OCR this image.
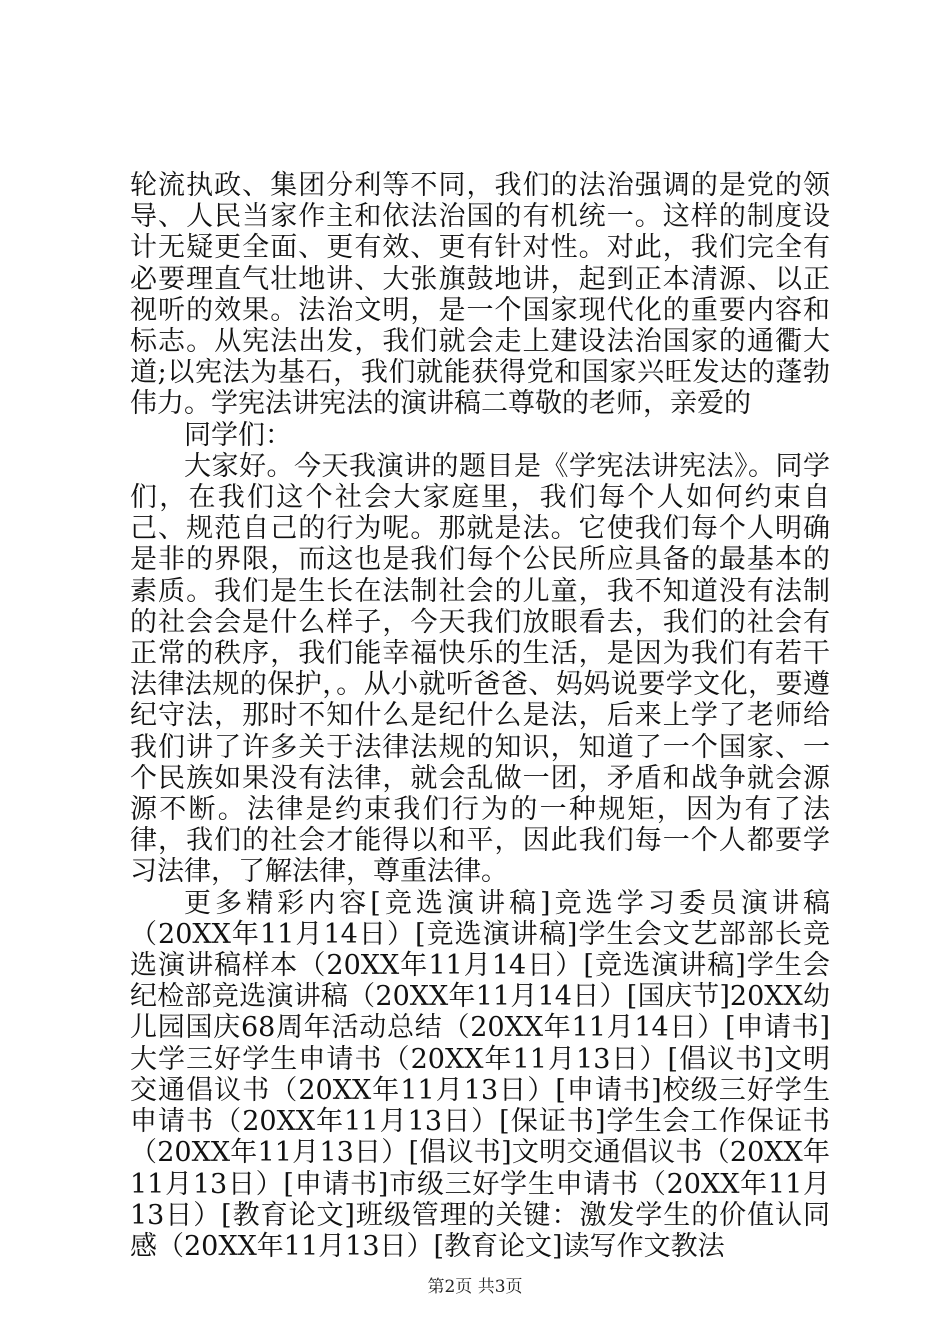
轮流执政、集团分利等不同，我们的法治强调的是党的领导、人民当家作主和依法治国的有机统一。这样的制度设计无疑更全面、更有效、更有针对性。对此，我们完全有必要理直气壮地讲、大张旗鼓地讲，起到正本清源、以正视听的效果。法治文明，是一个国家现代化的重要内容和标志。从宪法出发，我们就会走上建设法治国家的通衢大道;以宪法为基石，我们就能获得党和国家兴旺发达的蓬勃伟力。学宪法讲宪法的演讲稿二尊敬的老师，亲爱的

同学们：

大家好。今天我演讲的题目是《学宪法讲宪法》。同学们，在我们这个社会大家庭里，我们每个人如何约束自己、规范自己的行为呢。那就是法。它使我们每个人明确是非的界限，而这也是我们每个公民所应具备的最基本的素质。我们是生长在法制社会的儿童，我不知道没有法制的社会会是什么样子，今天我们放眼看去，我们的社会有正常的秩序，我们能幸福快乐的生活，是因为我们有若干法律法规的保护，。从小就听爸爸、妈妈说要学文化，要遵纪守法，那时不知什么是纪什么是法，后来上学了老师给我们讲了许多关于法律法规的知识，知道了一个国家、一个民族如果没有法律，就会乱做一团，矛盾和战争就会源源不断。法律是约束我们行为的一种规矩，因为有了法律，我们的社会才能得以和平，因此我们每一个人都要学习法律，了解法律，尊重法律。

更多精彩内容[竞选演讲稿]竞选学习委员演讲稿（20XX年11月14日）[竞选演讲稿]学生会文艺部部长竞选演讲稿样本（20XX年11月14日）[竞选演讲稿]学生会纪检部竞选演讲稿（20XX年11月14日）[国庆节]20XX幼儿园国庆68周年活动总结（20XX年11月14日）[申请书]大学三好学生申请书（20XX年11月13日）[倡议书]文明交通倡议书（20XX年11月13日）[申请书]校级三好学生申请书（20XX年11月13日）[保证书]学生会工作保证书（20XX年11月13日）[倡议书]文明交通倡议书（20XX年11月13日）[申请书]市级三好学生申请书（20XX年11月13日）[教育论文]班级管理的关键：激发学生的价值认同感（20XX年11月13日）[教育论文]读写作文教法

第2页 共3页
